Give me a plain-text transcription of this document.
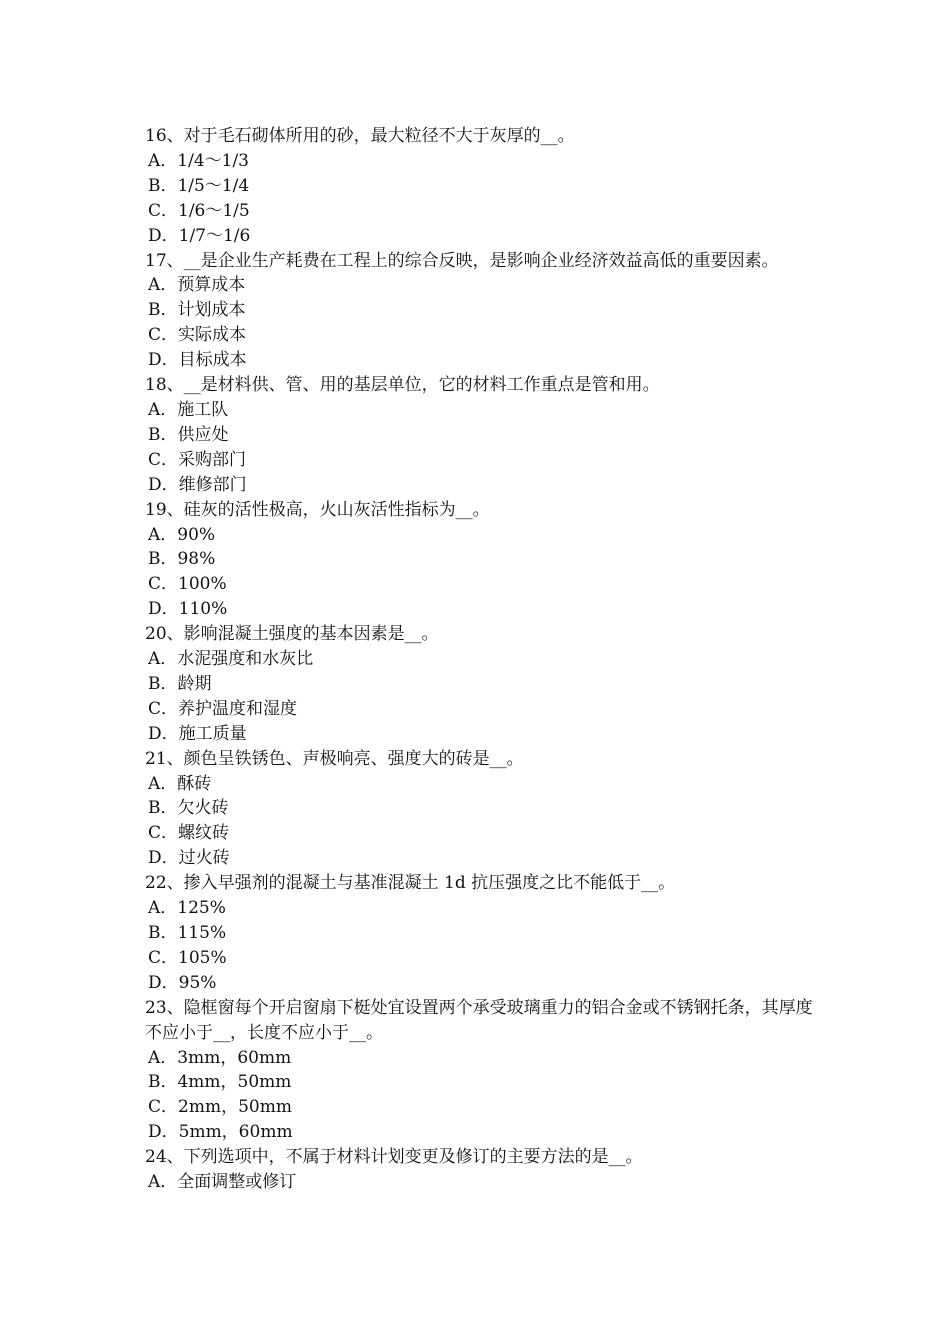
16、对于毛石砌体所用的砂，最大粒径不大于灰厚的__。
A．1/4～1/3
B．1/5～1/4
C．1/6～1/5
D．1/7～1/6
17、__是企业生产耗费在工程上的综合反映，是影响企业经济效益高低的重要因素。
A．预算成本
B．计划成本
C．实际成本
D．目标成本
18、__是材料供、管、用的基层单位，它的材料工作重点是管和用。
A．施工队
B．供应处
C．采购部门
D．维修部门
19、硅灰的活性极高，火山灰活性指标为__。
A．90%
B．98%
C．100%
D．110%
20、影响混凝土强度的基本因素是__。
A．水泥强度和水灰比
B．龄期
C．养护温度和湿度
D．施工质量
21、颜色呈铁锈色、声极响亮、强度大的砖是__。
A．酥砖
B．欠火砖
C．螺纹砖
D．过火砖
22、掺入早强剂的混凝土与基准混凝土 1d 抗压强度之比不能低于__。
A．125%
B．115%
C．105%
D．95%
23、隐框窗每个开启窗扇下梃处宜设置两个承受玻璃重力的铝合金或不锈钢托条，其厚度不应小于__，长度不应小于__。
A．3mm，60mm
B．4mm，50mm
C．2mm，50mm
D．5mm，60mm
24、下列选项中，不属于材料计划变更及修订的主要方法的是__。
A．全面调整或修订
